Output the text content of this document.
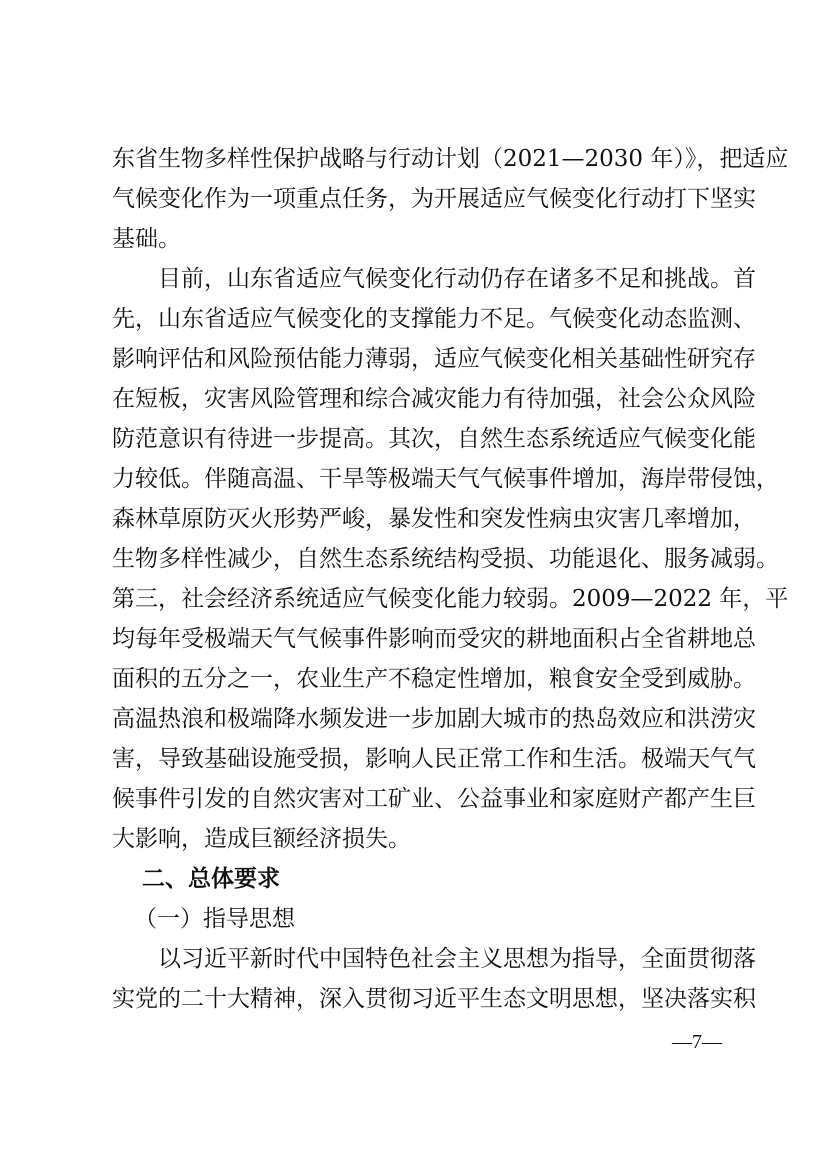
东省生物多样性保护战略与行动计划（2021—2030 年）》，把适应
气候变化作为一项重点任务，为开展适应气候变化行动打下坚实
基础。
目前，山东省适应气候变化行动仍存在诸多不足和挑战。首
先，山东省适应气候变化的支撑能力不足。气候变化动态监测、
影响评估和风险预估能力薄弱，适应气候变化相关基础性研究存
在短板，灾害风险管理和综合减灾能力有待加强，社会公众风险
防范意识有待进一步提高。其次，自然生态系统适应气候变化能
力较低。伴随高温、干旱等极端天气气候事件增加，海岸带侵蚀，
森林草原防灭火形势严峻，暴发性和突发性病虫灾害几率增加，
生物多样性减少，自然生态系统结构受损、功能退化、服务减弱。
第三，社会经济系统适应气候变化能力较弱。2009—2022 年，平
均每年受极端天气气候事件影响而受灾的耕地面积占全省耕地总
面积的五分之一，农业生产不稳定性增加，粮食安全受到威胁。
高温热浪和极端降水频发进一步加剧大城市的热岛效应和洪涝灾
害，导致基础设施受损，影响人民正常工作和生活。极端天气气
候事件引发的自然灾害对工矿业、公益事业和家庭财产都产生巨
大影响，造成巨额经济损失。
二、总体要求
（一）指导思想
以习近平新时代中国特色社会主义思想为指导，全面贯彻落
实党的二十大精神，深入贯彻习近平生态文明思想，坚决落实积
—7—
